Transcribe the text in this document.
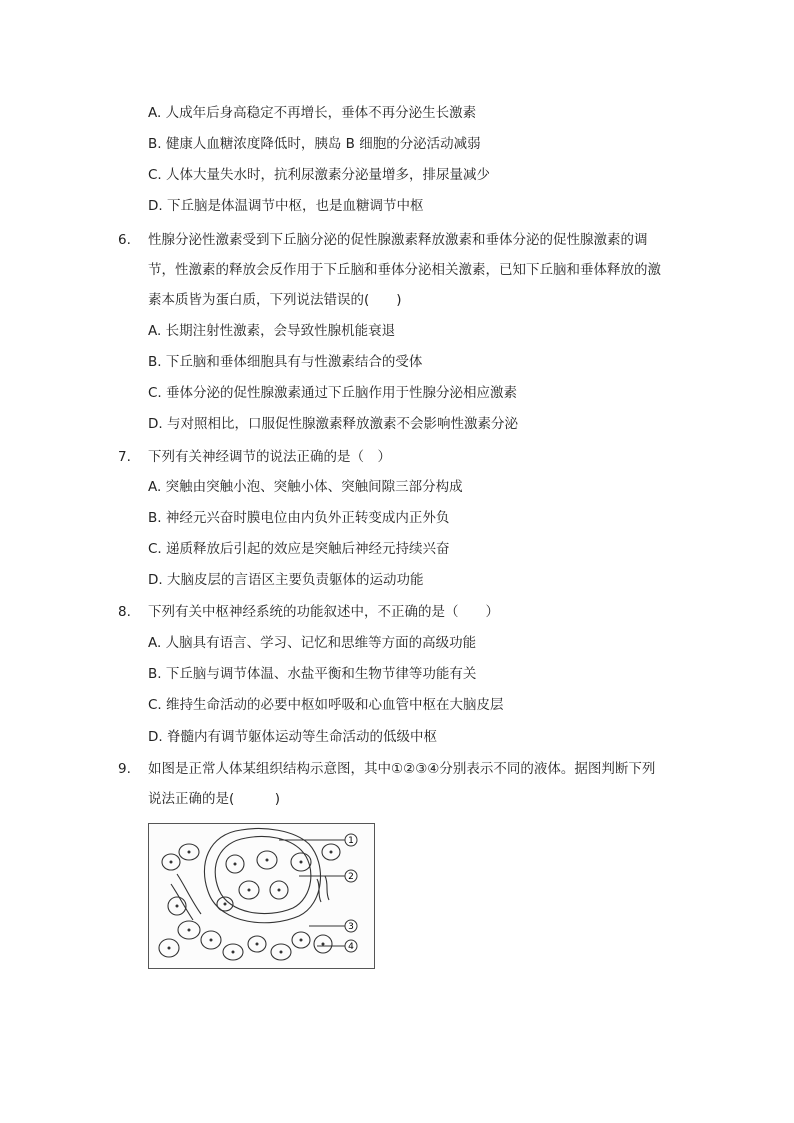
A. 人成年后身高稳定不再增长，垂体不再分泌生长激素
B. 健康人血糖浓度降低时，胰岛 B 细胞的分泌活动减弱
C. 人体大量失水时，抗利尿激素分泌量增多，排尿量减少
D. 下丘脑是体温调节中枢，也是血糖调节中枢
6. 性腺分泌性激素受到下丘脑分泌的促性腺激素释放激素和垂体分泌的促性腺激素的调
节，性激素的释放会反作用于下丘脑和垂体分泌相关激素，已知下丘脑和垂体释放的激
素本质皆为蛋白质，下列说法错误的(　　)
A. 长期注射性激素，会导致性腺机能衰退
B. 下丘脑和垂体细胞具有与性激素结合的受体
C. 垂体分泌的促性腺激素通过下丘脑作用于性腺分泌相应激素
D. 与对照相比，口服促性腺激素释放激素不会影响性激素分泌
7. 下列有关神经调节的说法正确的是（　）
A. 突触由突触小泡、突触小体、突触间隙三部分构成
B. 神经元兴奋时膜电位由内负外正转变成内正外负
C. 递质释放后引起的效应是突触后神经元持续兴奋
D. 大脑皮层的言语区主要负责躯体的运动功能
8. 下列有关中枢神经系统的功能叙述中，不正确的是（　　）
A. 人脑具有语言、学习、记忆和思维等方面的高级功能
B. 下丘脑与调节体温、水盐平衡和生物节律等功能有关
C. 维持生命活动的必要中枢如呼吸和心血管中枢在大脑皮层
D. 脊髓内有调节躯体运动等生命活动的低级中枢
9. 如图是正常人体某组织结构示意图，其中①②③④分别表示不同的液体。据图判断下列
说法正确的是(　　　)
1
2
3
4
